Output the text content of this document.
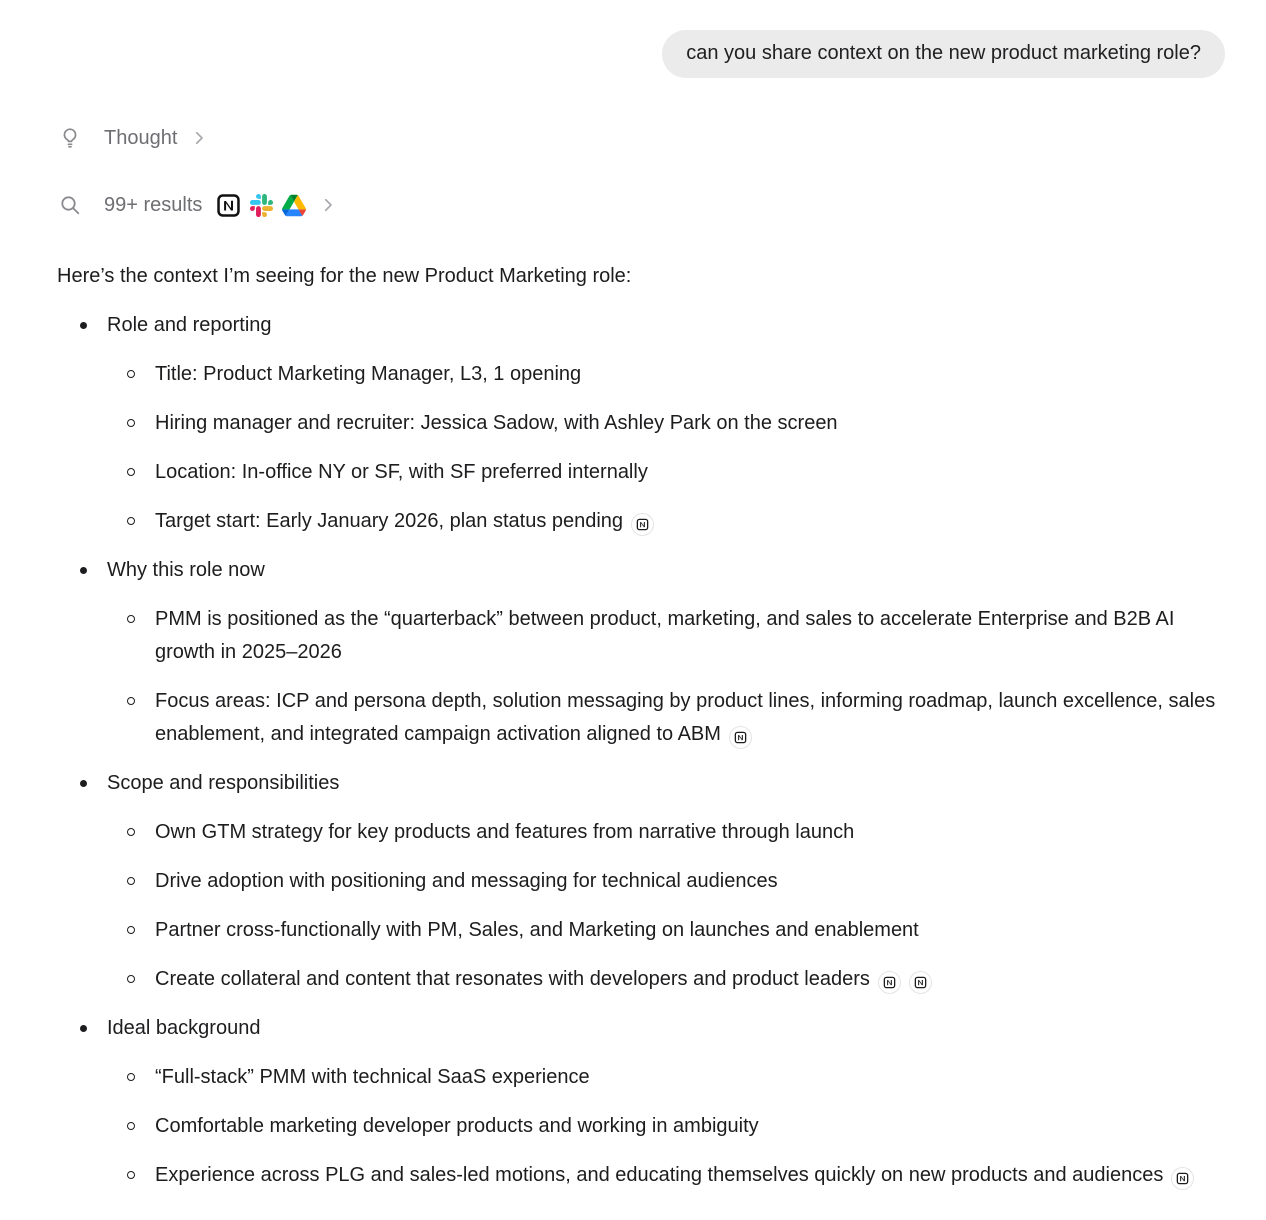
can you share context on the new product marketing role?
Thought
99+ results

Here’s the context I’m seeing for the new Product Marketing role:

Role and reporting
Title: Product Marketing Manager, L3, 1 opening
Hiring manager and recruiter: Jessica Sadow, with Ashley Park on the screen
Location: In-office NY or SF, with SF preferred internally
Target start: Early January 2026, plan status pending
Why this role now
PMM is positioned as the “quarterback” between product, marketing, and sales to accelerate Enterprise and B2B AI growth in 2025–2026
Focus areas: ICP and persona depth, solution messaging by product lines, informing roadmap, launch excellence, sales enablement, and integrated campaign activation aligned to ABM
Scope and responsibilities
Own GTM strategy for key products and features from narrative through launch
Drive adoption with positioning and messaging for technical audiences
Partner cross-functionally with PM, Sales, and Marketing on launches and enablement
Create collateral and content that resonates with developers and product leaders
Ideal background
“Full-stack” PMM with technical SaaS experience
Comfortable marketing developer products and working in ambiguity
Experience across PLG and sales-led motions, and educating themselves quickly on new products and audiences
